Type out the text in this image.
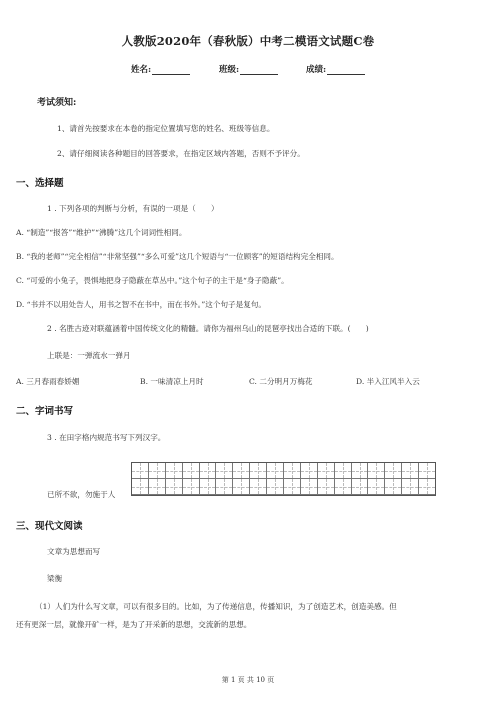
人教版2020年（春秋版）中考二模语文试题C卷
姓名:	班级:	成绩:
考试须知:
1、请首先按要求在本卷的指定位置填写您的姓名、班级等信息。
2、请仔细阅读各种题目的回答要求，在指定区域内答题，否则不予评分。
一、选择题
1 . 下列各项的判断与分析，有误的一项是（　　）
A. “制造”“报答”“维护”“沸腾”这几个词词性相同。
B. “我的老师”“完全相信”“非常坚强”“多么可爱”这几个短语与“一位顾客”的短语结构完全相同。
C. “可爱的小兔子，畏惧地把身子隐蔽在草丛中。”这个句子的主干是“身子隐蔽”。
D. “书并不以用处告人，用书之智不在书中，而在书外。”这个句子是复句。
2 . 名胜古迹对联蕴涵着中国传统文化的精髓。请你为福州乌山的昆琶亭找出合适的下联。(　　)
上联是：一弹流水一弹月
A. 三月春雨春娇媚	B. 一味清凉上月时	C. 二分明月万梅花	D. 半入江风半入云
二、字词书写
3 . 在田字格内规范书写下列汉字。
已所不欲，勿施于人
三、现代文阅读
文章为思想而写
梁衡
（1）人们为什么写文章，可以有很多目的。比如，为了传递信息，传播知识，为了创造艺术，创造美感。但
还有更深一层，就像开矿一样，是为了开采新的思想，交流新的思想。
第 1 页 共 10 页
